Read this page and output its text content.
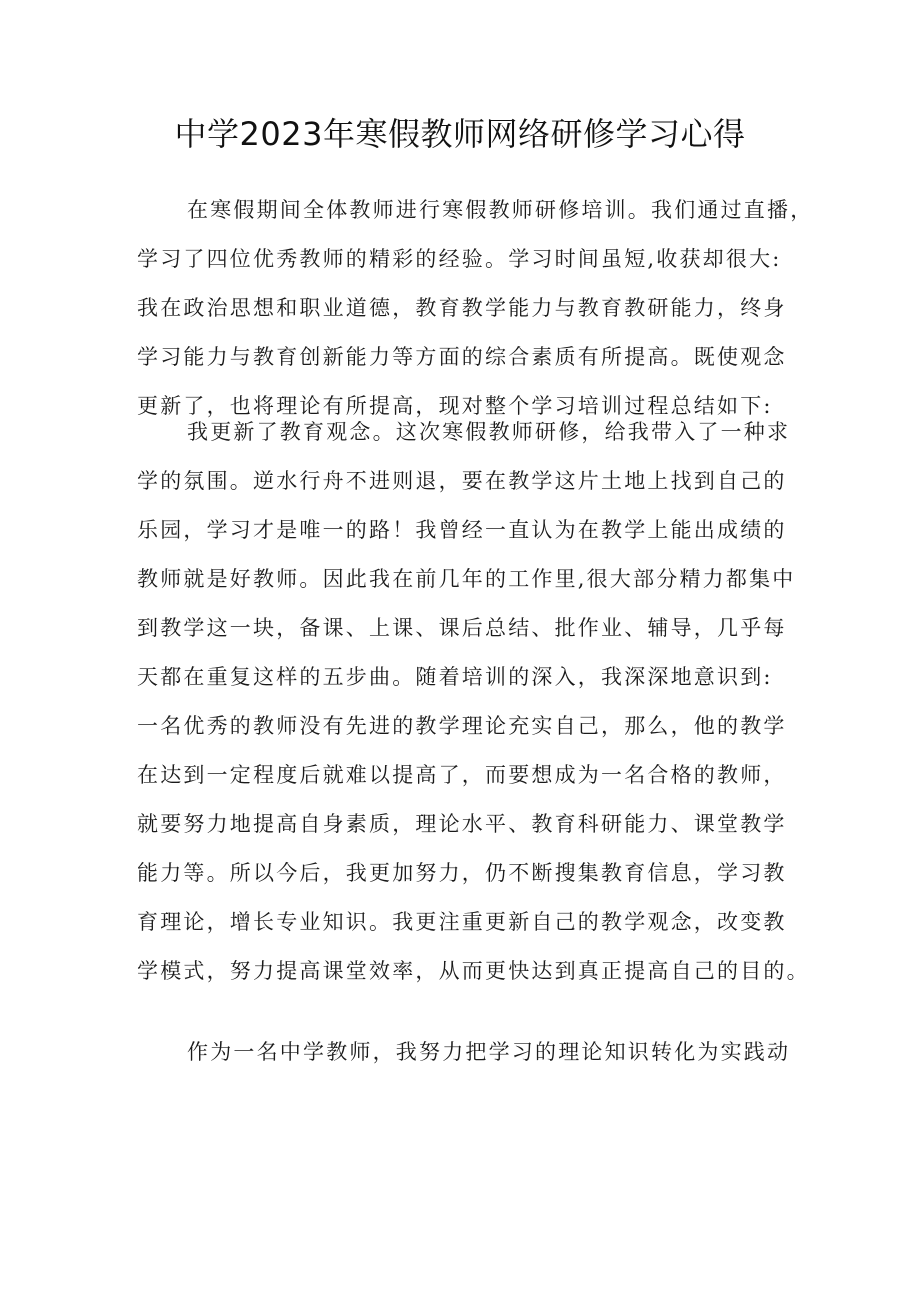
中学2023年寒假教师网络研修学习心得
在寒假期间全体教师进行寒假教师研修培训。我们通过直播，
学习了四位优秀教师的精彩的经验。学习时间虽短,收获却很大:
我在政治思想和职业道德，教育教学能力与教育教研能力，终身
学习能力与教育创新能力等方面的综合素质有所提高。既使观念
更新了，也将理论有所提高，现对整个学习培训过程总结如下:
我更新了教育观念。这次寒假教师研修，给我带入了一种求
学的氛围。逆水行舟不进则退，要在教学这片土地上找到自己的
乐园，学习才是唯一的路！我曾经一直认为在教学上能出成绩的
教师就是好教师。因此我在前几年的工作里,很大部分精力都集中
到教学这一块，备课、上课、课后总结、批作业、辅导，几乎每
天都在重复这样的五步曲。随着培训的深入，我深深地意识到:
一名优秀的教师没有先进的教学理论充实自己，那么，他的教学
在达到一定程度后就难以提高了，而要想成为一名合格的教师，
就要努力地提高自身素质，理论水平、教育科研能力、课堂教学
能力等。所以今后，我更加努力，仍不断搜集教育信息，学习教
育理论，增长专业知识。我更注重更新自己的教学观念，改变教
学模式，努力提高课堂效率，从而更快达到真正提高自己的目的。
作为一名中学教师，我努力把学习的理论知识转化为实践动
